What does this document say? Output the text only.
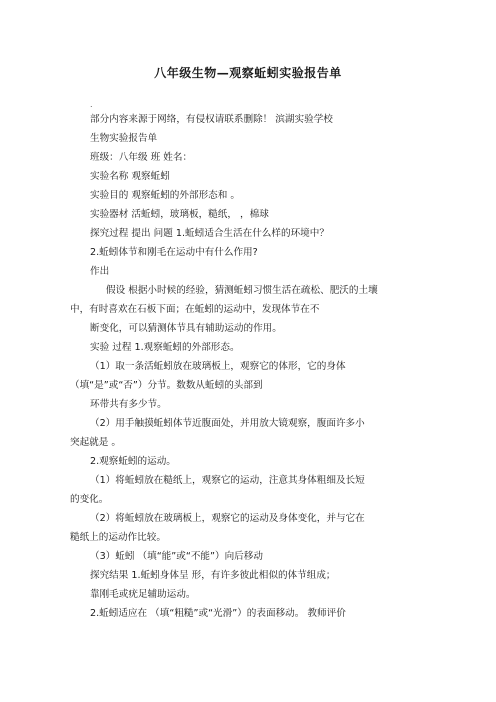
八年级生物—观察蚯蚓实验报告单
.
部分内容来源于网络，有侵权请联系删除！ 滨湖实验学校
生物实验报告单
班级：八年级 班 姓名：
实验名称 观察蚯蚓
实验目的 观察蚯蚓的外部形态和 。
实验器材 活蚯蚓，玻璃板，糙纸， ，棉球
探究过程 提出 问题 1.蚯蚓适合生活在什么样的环境中？
2.蚯蚓体节和刚毛在运动中有什么作用?
作出
假设 根据小时候的经验，猜测蚯蚓习惯生活在疏松、肥沃的土壤
中，有时喜欢在石板下面；在蚯蚓的运动中，发现体节在不
断变化，可以猜测体节具有辅助运动的作用。
实验 过程 1.观察蚯蚓的外部形态。
（1）取一条活蚯蚓放在玻璃板上，观察它的体形，它的身体
（填“是”或“否”）分节。数数从蚯蚓的头部到
环带共有多少节。
（2）用手触摸蚯蚓体节近腹面处，并用放大镜观察，腹面许多小
突起就是 。
2.观察蚯蚓的运动。
（1）将蚯蚓放在糙纸上，观察它的运动，注意其身体粗细及长短
的变化。
（2）将蚯蚓放在玻璃板上，观察它的运动及身体变化，并与它在
糙纸上的运动作比较。
（3）蚯蚓 （填“能”或“不能”）向后移动
探究结果 1.蚯蚓身体呈 形，有许多彼此相似的体节组成；
靠刚毛或疣足辅助运动。
2.蚯蚓适应在 （填“粗糙”或“光滑”）的表面移动。 教师评价
